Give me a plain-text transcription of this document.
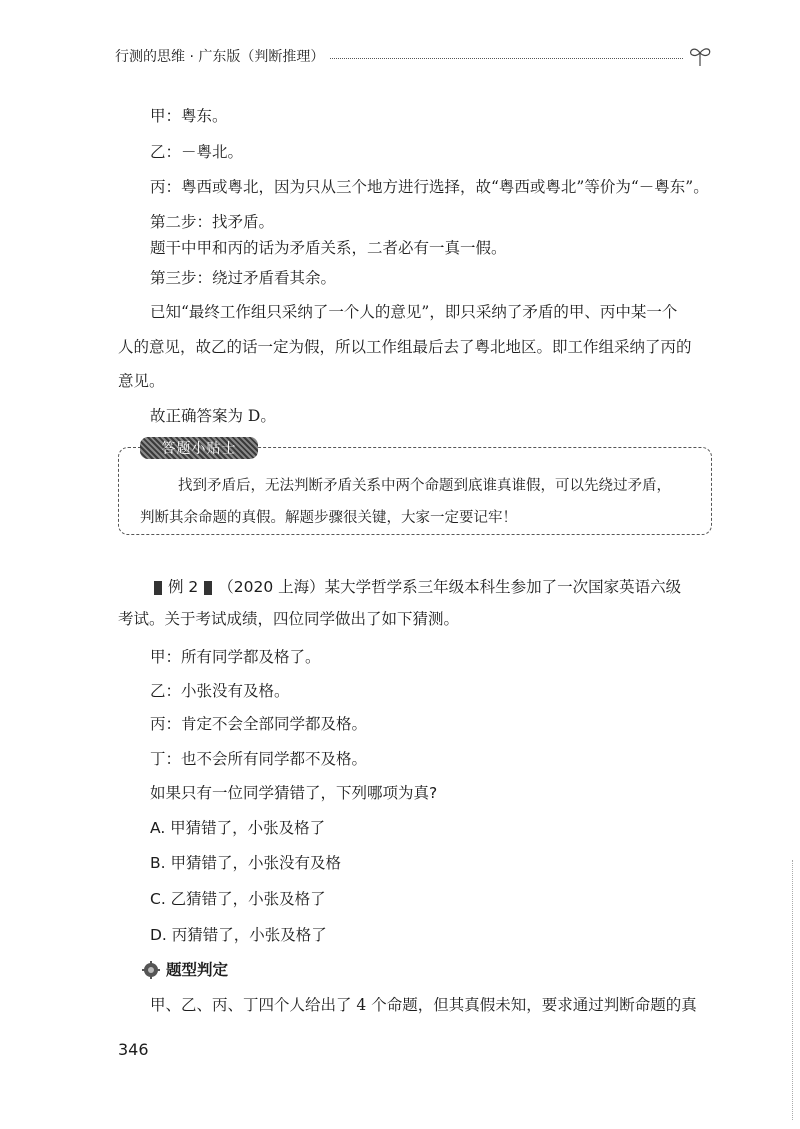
行测的思维 · 广东版（判断推理）
甲：粤东。
乙：－粤北。
丙：粤西或粤北，因为只从三个地方进行选择，故“粤西或粤北”等价为“－粤东”。
第二步：找矛盾。
题干中甲和丙的话为矛盾关系，二者必有一真一假。
第三步：绕过矛盾看其余。
已知“最终工作组只采纳了一个人的意见”，即只采纳了矛盾的甲、丙中某一个
人的意见，故乙的话一定为假，所以工作组最后去了粤北地区。即工作组采纳了丙的
意见。
故正确答案为 D。
答题小贴士
找到矛盾后，无法判断矛盾关系中两个命题到底谁真谁假，可以先绕过矛盾，
判断其余命题的真假。解题步骤很关键，大家一定要记牢！
例 2 （2020 上海）某大学哲学系三年级本科生参加了一次国家英语六级
考试。关于考试成绩，四位同学做出了如下猜测。
甲：所有同学都及格了。
乙：小张没有及格。
丙：肯定不会全部同学都及格。
丁：也不会所有同学都不及格。
如果只有一位同学猜错了，下列哪项为真?
A. 甲猜错了，小张及格了
B. 甲猜错了，小张没有及格
C. 乙猜错了，小张及格了
D. 丙猜错了，小张及格了
题型判定
甲、乙、丙、丁四个人给出了 4 个命题，但其真假未知，要求通过判断命题的真
346
